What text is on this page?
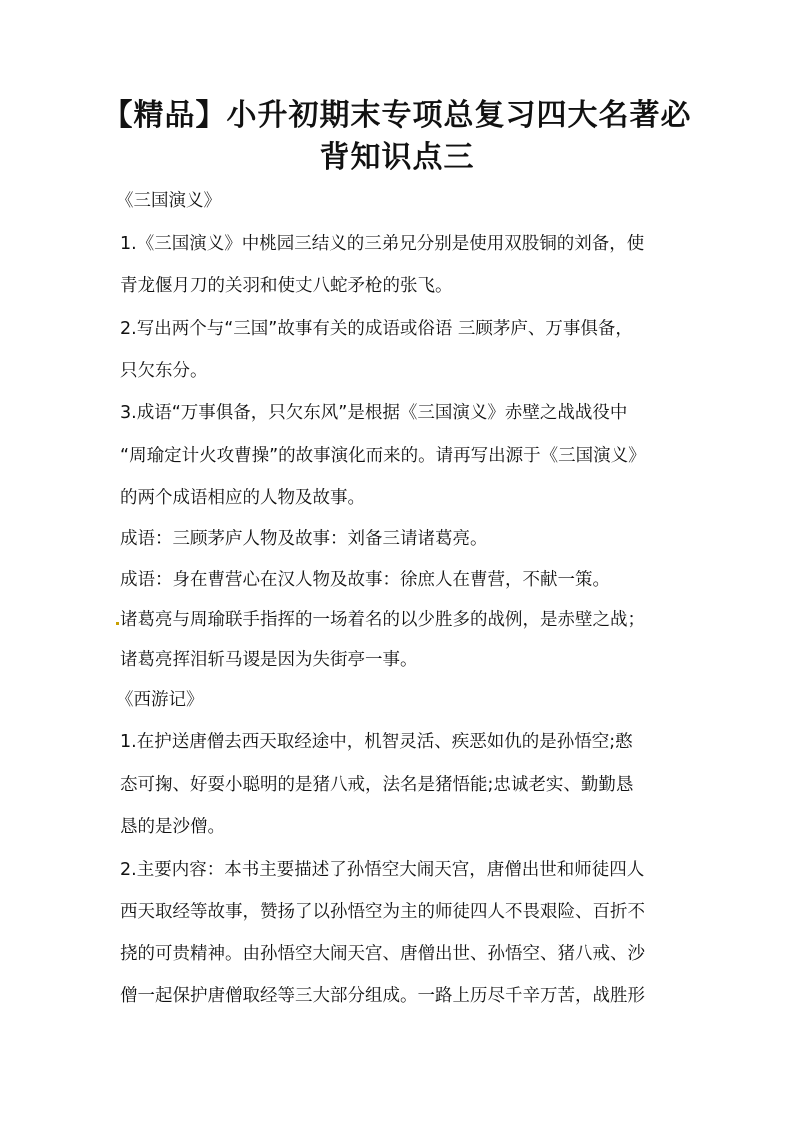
【精品】小升初期末专项总复习四大名著必
背知识点三
《三国演义》
1.《三国演义》中桃园三结义的三弟兄分别是使用双股铜的刘备，使
青龙偃月刀的关羽和使丈八蛇矛枪的张飞。
2.写出两个与“三国”故事有关的成语或俗语 三顾茅庐、万事俱备，
只欠东分。
3.成语“万事俱备，只欠东风”是根据《三国演义》赤壁之战战役中
“周瑜定计火攻曹操”的故事演化而来的。请再写出源于《三国演义》
的两个成语相应的人物及故事。
成语：三顾茅庐人物及故事：刘备三请诸葛亮。
成语：身在曹营心在汉人物及故事：徐庶人在曹营，不献一策。
诸葛亮与周瑜联手指挥的一场着名的以少胜多的战例，是赤壁之战；
诸葛亮挥泪斩马谡是因为失街亭一事。
《西游记》
1.在护送唐僧去西天取经途中，机智灵活、疾恶如仇的是孙悟空;憨
态可掬、好耍小聪明的是猪八戒，法名是猪悟能;忠诚老实、勤勤恳
恳的是沙僧。
2.主要内容：本书主要描述了孙悟空大闹天宫，唐僧出世和师徒四人
西天取经等故事，赞扬了以孙悟空为主的师徒四人不畏艰险、百折不
挠的可贵精神。由孙悟空大闹天宫、唐僧出世、孙悟空、猪八戒、沙
僧一起保护唐僧取经等三大部分组成。一路上历尽千辛万苦，战胜形
